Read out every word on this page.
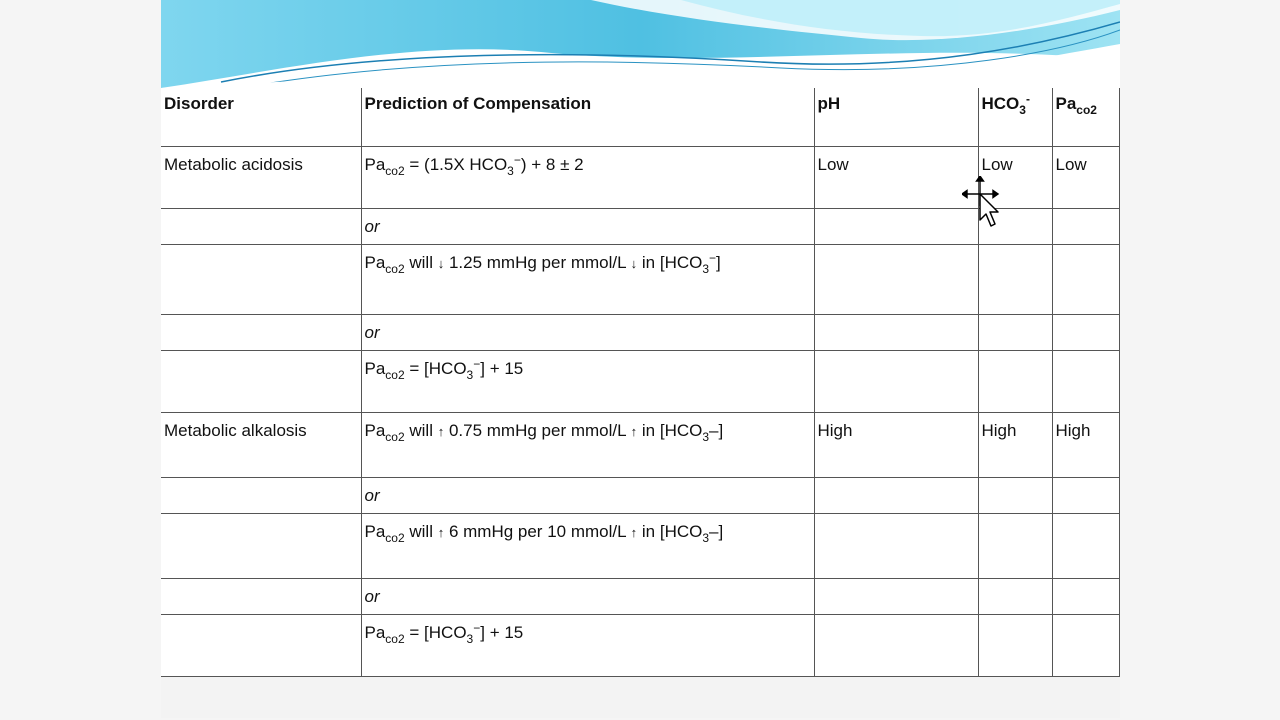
Disorder	Prediction of Compensation	pH	$HCO_3^-$	$Pa_{co2}$
Metabolic acidosis	$Pa_{co2} = (1.5X$ $HCO_3^-) + 8 \pm 2$	Low	Low	Low
	or			
	$Pa_{co2}$ will ↓ 1.25 mmHg per mmol/L ↓ in $[HCO_3^-]$			
	or			
	$Pa_{co2} = [HCO_3^-] + 15$			
Metabolic alkalosis	$Pa_{co2}$ will ↑ 0.75 mmHg per mmol/L ↑ in $[HCO_3-]$	High	High	High
	or			
	$Pa_{co2}$ will ↑ 6 mmHg per 10 mmol/L ↑ in $[HCO_3-]$			
	or			
	$Pa_{co2} = [HCO_3^-] + 15$			
